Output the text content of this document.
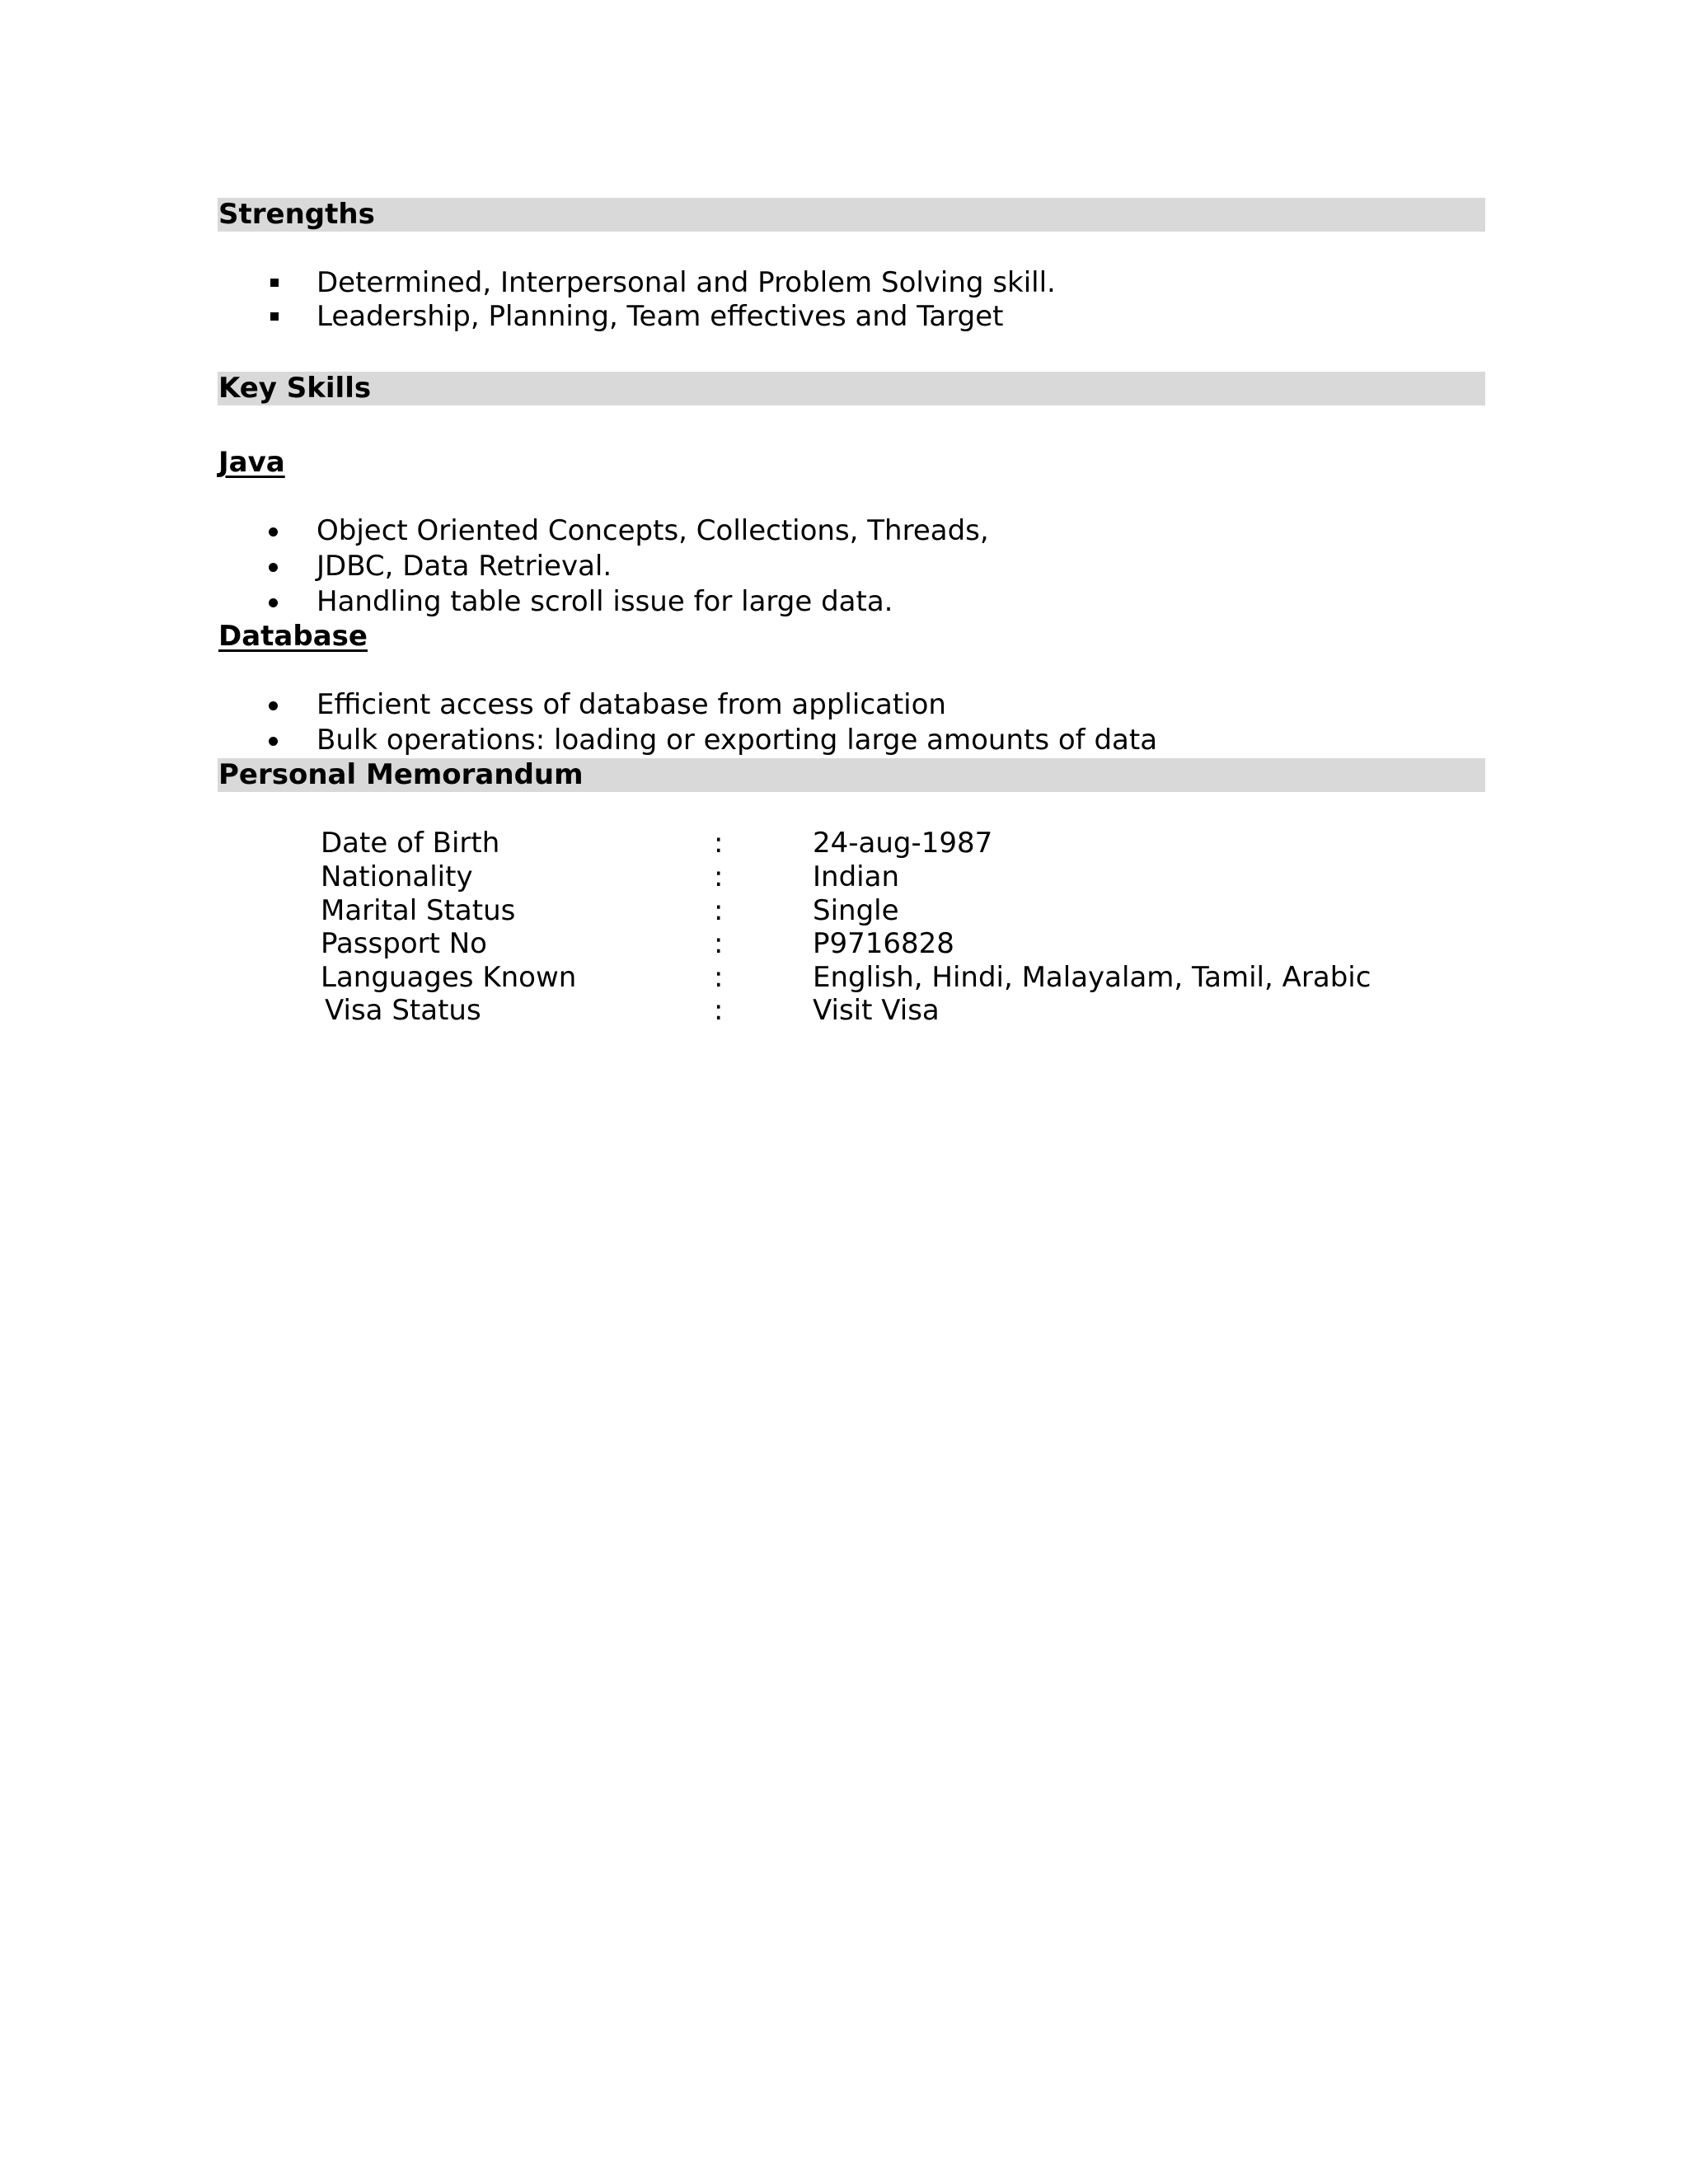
Strengths
Determined, Interpersonal and Problem Solving skill.
Leadership, Planning, Team effectives and Target
Key Skills
Java
Object Oriented Concepts, Collections, Threads,
JDBC, Data Retrieval.
Handling table scroll issue for large data.
Database
Efficient access of database from application
Bulk operations: loading or exporting large amounts of data
Personal Memorandum
Date of Birth	:	24-aug-1987
Nationality	:	Indian
Marital Status	:	Single
Passport No	:	P9716828
Languages Known	:	English, Hindi, Malayalam, Tamil, Arabic
Visa Status	:	Visit Visa
